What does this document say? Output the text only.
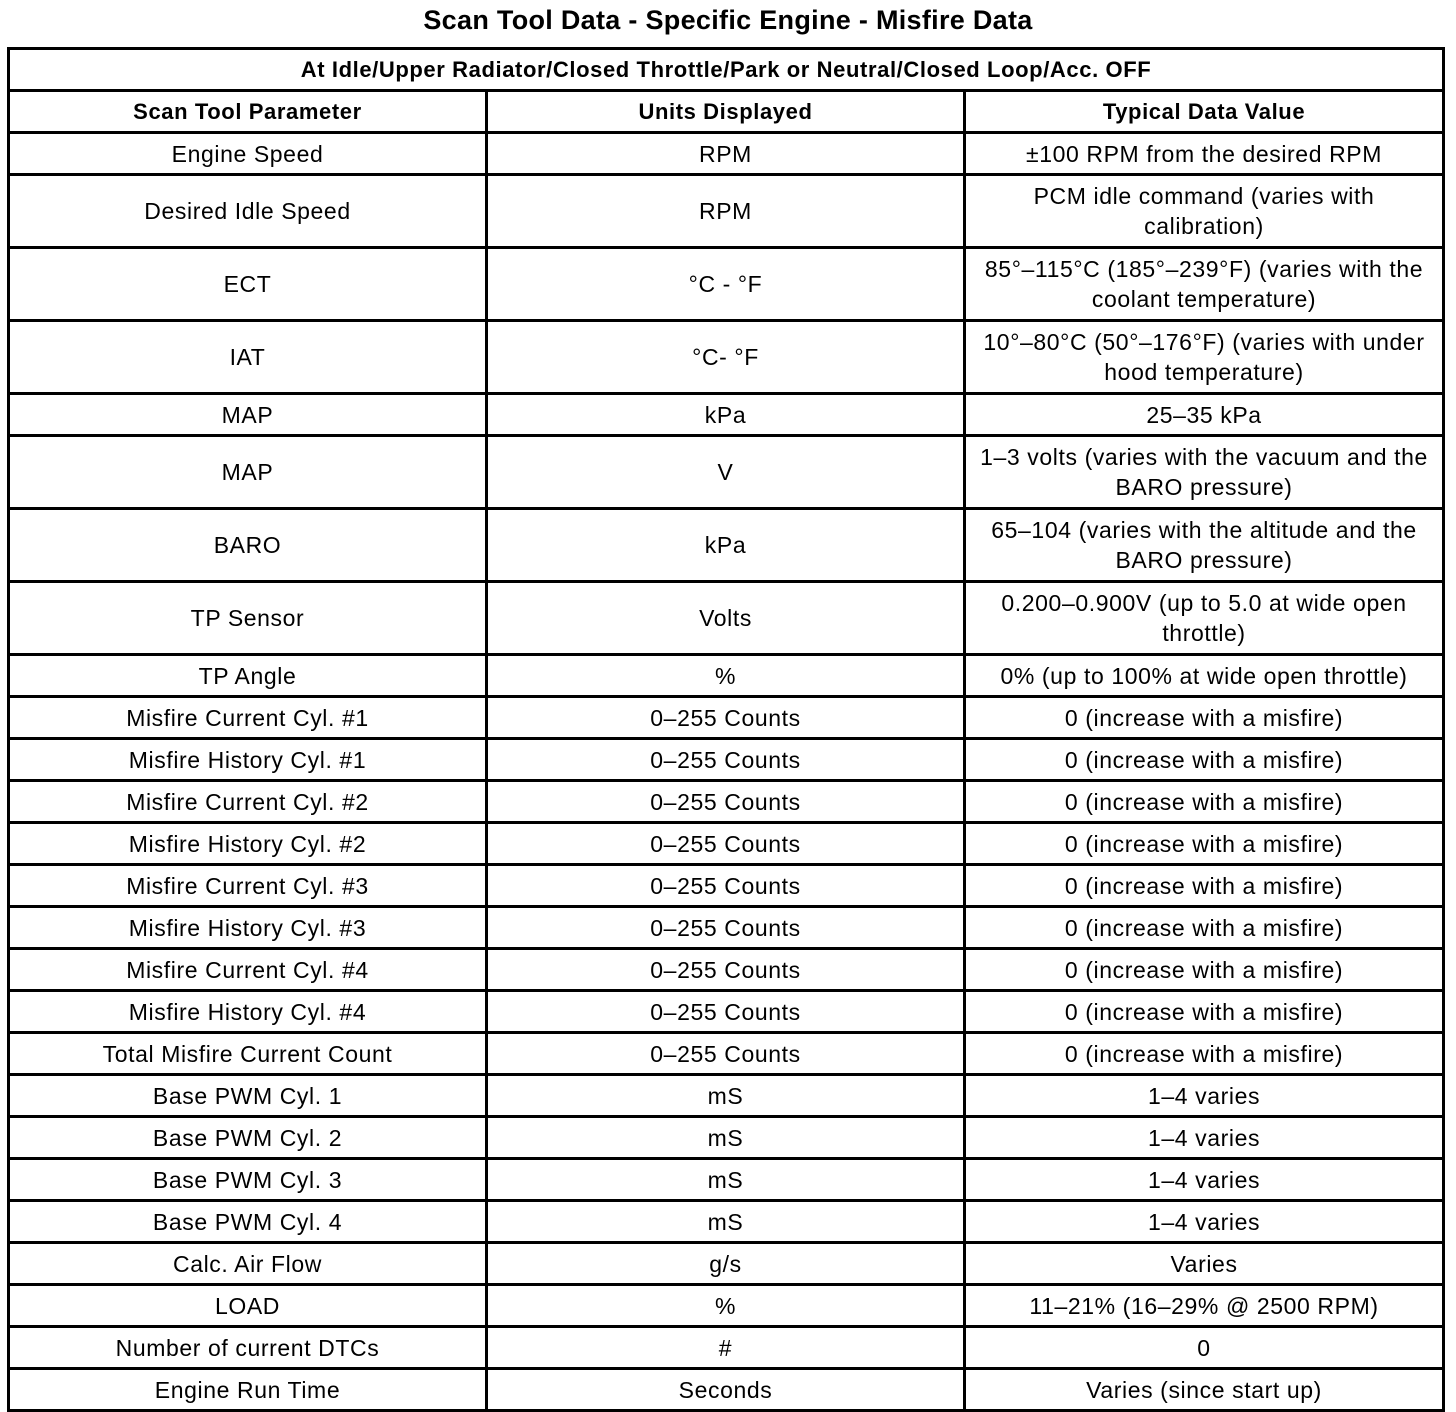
Scan Tool Data - Specific Engine - Misfire Data
At Idle/Upper Radiator/Closed Throttle/Park or Neutral/Closed Loop/Acc. OFF		
Scan Tool Parameter	Units Displayed	Typical Data Value
Engine Speed	RPM	±100 RPM from the desired RPM
Desired Idle Speed	RPM	PCM idle command (varies with calibration)
ECT	°C - °F	85°–115°C (185°–239°F) (varies with the coolant temperature)
IAT	°C- °F	10°–80°C (50°–176°F) (varies with under hood temperature)
MAP	kPa	25–35 kPa
MAP	V	1–3 volts (varies with the vacuum and the BARO pressure)
BARO	kPa	65–104 (varies with the altitude and the BARO pressure)
TP Sensor	Volts	0.200–0.900V (up to 5.0 at wide open throttle)
TP Angle	%	0% (up to 100% at wide open throttle)
Misfire Current Cyl. #1	0–255 Counts	0 (increase with a misfire)
Misfire History Cyl. #1	0–255 Counts	0 (increase with a misfire)
Misfire Current Cyl. #2	0–255 Counts	0 (increase with a misfire)
Misfire History Cyl. #2	0–255 Counts	0 (increase with a misfire)
Misfire Current Cyl. #3	0–255 Counts	0 (increase with a misfire)
Misfire History Cyl. #3	0–255 Counts	0 (increase with a misfire)
Misfire Current Cyl. #4	0–255 Counts	0 (increase with a misfire)
Misfire History Cyl. #4	0–255 Counts	0 (increase with a misfire)
Total Misfire Current Count	0–255 Counts	0 (increase with a misfire)
Base PWM Cyl. 1	mS	1–4 varies
Base PWM Cyl. 2	mS	1–4 varies
Base PWM Cyl. 3	mS	1–4 varies
Base PWM Cyl. 4	mS	1–4 varies
Calc. Air Flow	g/s	Varies
LOAD	%	11–21% (16–29% @ 2500 RPM)
Number of current DTCs	#	0
Engine Run Time	Seconds	Varies (since start up)
